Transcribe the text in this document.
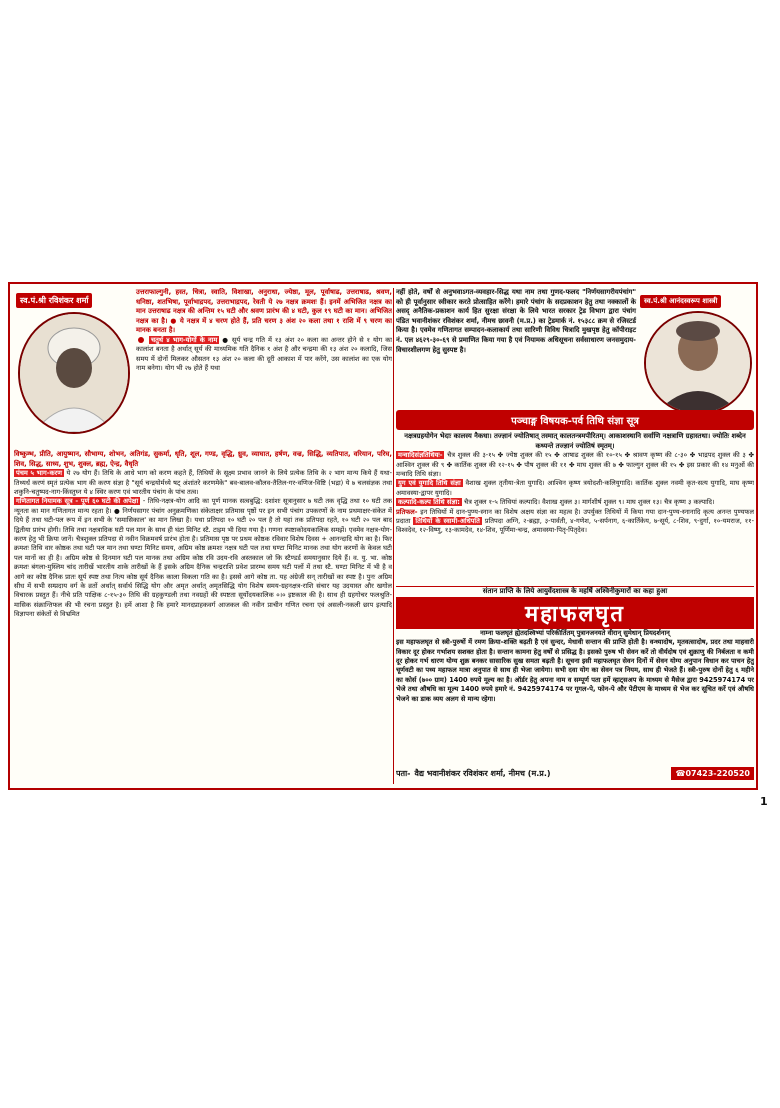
स्व.पं.श्री रविशंकर शर्मा

उत्तराफाल्गुनी, हस्त, चित्रा, स्वाति, विशाखा, अनुराधा, ज्येष्ठा, मूल, पूर्वाषाढ, उत्तराषाढ, श्रवण, धनिष्ठा, शतभिषा, पूर्वाभाद्रपद, उत्तराभाद्रपद, रेवती ये २७ नक्षत्र क्रमशः हैं। इनमें अभिजित नक्षत्र का मान उत्तराषाढ नक्षत्र की अन्तिम १५ घटी और श्रवण प्रारंभ की ४ घटी, कुल १९ घटी का मान। अभिजित नक्षत्र का है। ● ये नक्षत्र में ४ चरण होते हैं, प्रति चरण ३ अंश २० कला तथा १ राशि में ९ चरण का मानक बनता है।

चतुर्थ ४ भाग-योगों के नाम ● सूर्य चन्द्र गति में १३ अंश २० कला का अन्तर होने से १ योग का कालांश बनता है अर्थात् सूर्य की माध्यमिक गति दैनिक १ अंश है और चन्द्रमा की १३ अंश २० कलादि, जिस समय में दोनों मिलकर औसतन १३ अंश २० कला की दूरी आकाश में पार करेंगे, उस कालांश का एक योग नाम बनेगा। योग भी २७ होते हैं यथा

विष्कुम्भ, प्रीति, आयुष्मान, सौभाग्य, शोभन, अतिगंड, सुकर्मा, धृति, शूल, गण्ड, वृद्धि, ध्रुव, व्याघात, हर्षण, वज्र, सिद्धि, व्यतिपात, वरियान, परिघ, शिव, सिद्ध, साध्य, शुभ, शुक्ल, ब्रह्म, ऐन्द्र, वैधृति

पंचम ५ भाग-करण ये २७ योग हैं। तिथि के आधे भाग को करण कहते हैं, तिथियों के सूक्ष्म प्रभाव जानने के लिये प्रत्येक तिथि के २ भाग मान्य किये हैं यथा- तिथ्यर्धं करणं स्मृतं प्रत्येक भाग की करण संज्ञा है "सूर्य चन्द्रयोर्मध्ये षट् अंशांतरे करणमेके" बव-बालव-कौलव-तैतिल-गर-वणिज-विष्टि (भद्रा) ये ७ चलसंज्ञक तथा शकुनि-चतुष्पद-नाग-किंस्तुघ्न ये ४ स्थिर करण एवं भारतीय पंचांग के पांच तत्व।

गणितागत नियामक सूत्र - पूर्ण ६० घटी की अपेक्षा - तिथि-नक्षत्र-योग आदि का पूर्ण मानक सत्वबुद्धि: दशांशः सूत्रानुसार ७ घटी तक वृद्धि तथा १० घटी तक न्यूनता का मान गणितागत मान्य रहता है। ● निर्णयसागर पंचांग अनुक्रमणिका संकेताक्षर प्रतिमास पृष्ठों पर इन सभी पंचांग उपकरणों के नाम प्रथमाक्षर-संकेत में दिये हैं तथा घटी-पल रूप में इन सभी के 'समासिकाल' का मान लिखा है। यथा प्रतिपदा १० घटी २० पल है तो यहां तक प्रतिपदा रहते, १० घटी २० पल बाद द्वितीया प्रारंभ होगी। तिथि तथा नक्षत्रादिक घटी पल मान के साथ ही घंटा मिनिट स्टै. टाइम भी दिया गया है। गणना स्पष्टाकोदयकालिक समझें। एवमेव नक्षत्र-योग-करण हेतु भी क्रिया जानें। चैत्रशुक्ल प्रतिपदा से नवीन विक्रमवर्ष प्रारंभ होता है। प्रतिमास पृष्ठ पर प्रथम कोष्ठक रविवार विशेष दिवस + आनन्दादि योग का है। फिर क्रमशः तिथि वार कोष्ठक तथा घटी पल मान तथा घण्टा मिनिट समय, अग्रिम कोष्ठ क्रमशः नक्षत्र घटी पल तथा घण्टा मिनिट मानक तथा योग करणों के केवल घटी पल मानों का ही है। अग्रिम कोष्ठ से दिनमान घटी पल मानक तथा अग्रिम कोष्ठ रवि उदय-रवि अस्तकाल जो कि स्टैण्डर्ड समयानुसार दिये हैं। व. यु. भा. कोष्ठ क्रमशः बंगला-मुस्लिम चांद तारीखें भारतीय शाके तारीखों के हैं इसके अग्रिम दैनिक चन्द्रराशि प्रवेश प्रारम्भ समय घटी पलों में तथा स्टै. घण्टा मिनिट में भी है व आगे का कोष्ठ दैनिक प्रातः सूर्य स्पष्ट तथा नित्य कोष्ठ सूर्य दैनिक काला विकला गति का है। इससे आगे कोष्ठ ता. यह अंग्रेजी सन् तारीखों का स्पष्ट है। पुनः अग्रिम सीध में सभी सम्प्रदाय वर्ग के व्रतों अर्थात् सर्वार्थ सिद्धि योग और अमृत अर्थात् अमृतसिद्धि योग विशेष समय-ग्रहनक्षत्र-राशि संचार यह उदयास्त और खगोल विचारक प्रस्तुत हैं। नीचे प्रति पाक्षिक ८-१५-३० तिथि की ग्रहकुण्डली तथा नवग्रहों की स्पष्टता सूर्योदयकालिक ०।० इष्टकाल की है। साथ ही ग्रहगोचर फलश्रुति-मासिक संक्रान्तिफल की भी रचना प्रस्तुत है। हमें आशा है कि हमारे मानदप्राहकवर्ग आजकल की नवीन प्राचीन गणित रचना एवं असली-नकली छाप इत्यादि विज्ञापना संकेतों से विभ्रमित

नहीं होते, वर्षों से अनुभवाऽगत-व्यवहार-सिद्ध यथा नाम तथा गुणद-फलद "निर्णयसागरीयपंचांग" को ही पूर्वानुसार स्वीकार करते प्रोत्साहित करेंगे। हमारे पंचांग के सदप्रकाशन हेतु तथा नक्कालों के असद् अनैतिक-प्रकाशन कार्य हित सुरक्षा संरक्षा के लिये भारत सरकार ट्रेड विभाग द्वारा पंचांग पंडित भवानीशंकर रविशंकर शर्मा, नीमच छावनी (म.प्र.) का ट्रेडमार्क नं. १५३८८ क्रम से रजिस्टर्ड किया है। एवमेव गणितागत सम्पादन-कलाकार्य तथा सारिणी विविध चित्रादि मुखपृष्ठ हेतु कॉपीराइट नं. एल ४६२९-३०-६९ से प्रमाणित किया गया है एवं नियामक अधिसूचना सर्वसाधारण जनसमुदाय-विचारशीलगण हेतु सुस्पष्ट है।

स्व.पं.श्री आनंदस्वरूप शास्त्री
पञ्चाङ्ग विषयक-पर्व तिथि संज्ञा सूत्र

नक्षत्रग्रहयोगेन भेदाः कालस्य नैकधा। तज्ज्ञानं ज्योतिषात् तस्मात् कालतन्त्रमपीरितम्। आकाशस्थानि सर्वाणि नक्षत्राणि ग्रहास्तथा। ज्योतिः शब्देन कथ्यन्ते तज्ज्ञानं ज्योतिषं स्मृतम्।

मन्वादिसंज्ञतिथियः- चैत्र शुक्ल की ३-१५ ✤ ज्येष्ठ शुक्ल की १५ ✤ आषाढ शुक्ल की १०-१५ ✤ श्रावण कृष्ण की ८-३० ✤ भाद्रपद शुक्ल की ३ ✤ आश्विन शुक्ल की ९ ✤ कार्तिक शुक्ल की १२-१५ ✤ पौष शुक्ल की ११ ✤ माघ शुक्ल की ७ ✤ फाल्गुन शुक्ल की १५ ✤ इस प्रकार की १४ मनुओं की मन्वादि तिथि संज्ञा।

युग एवं युगादि तिथि संज्ञा वैशाख शुक्ल तृतीया-त्रेता युगादि। आश्विन कृष्ण त्रयोदशी-कलियुगादि। कार्तिक शुक्ल नवमी कृत-सत्य युगादि, माघ कृष्ण अमावस्या-द्वापर युगादि।

कल्पादि-कल्प तिथि संज्ञा: चैत्र शुक्ल १-५ तिथियां कल्पादि। वैशाख शुक्ल ३। मार्गशीर्ष शुक्ल ९। माघ शुक्ल १३। चैत्र कृष्ण ३ कल्पादि।

प्रतिफल- इन तिथियों में दान-पुण्य-स्नान का विशेष अक्षय संज्ञा का महत्व है। उपर्युक्त तिथियों में किया गया दान-पुण्य-स्नानादि कृत्य अनन्त पुण्यफल प्रदाता तिथियों के स्वामी-अधिपति प्रतिपदा अग्नि, २-ब्रह्मा, ३-पार्वती, ४-गणेश, ५-सर्पनाग, ६-कार्तिकेय, ७-सूर्य, ८-शिव, ९-दुर्गा, १०-यमराज, ११-विश्वदेव, १२-विष्णु, १३-कामदेव, १४-शिव, पूर्णिमा-चन्द्र, अमावस्या-पितृ-पितृदेव।

संतान प्राप्ति के लिये आयुर्वेदशास्त्र के महर्षि अश्विनीकुमारों का कहा हुआ

महाफलघृत

नाम्ना फलघृतं ह्येतदश्विभ्यां परिकीर्तितम् पुत्रानजनयते वीरान् सुमेधान् प्रियदर्शनान्

इस महाफलघृत से स्त्री-पुरुषों में रमण क्रिया-शक्ति बढ़ती है एवं सुन्दर, मेधावी सन्तान की प्राप्ति होती है। वन्ध्यादोष, मृतवत्सादोष, प्रदर तथा माहवारी विकार दूर होकर गर्भाशय सशक्त होता है। सन्तान कामना हेतु वर्षों से प्रसिद्ध है। इसको पुरुष भी सेवन करें तो वीर्यदोष एवं शुक्राणु की निर्बलता व कमी दूर होकर गर्भ धारण योग्य शुक्र बनकर सासारिक सुख समता बढ़ती है। सूचना इसी महाफलघृत सेवन दिनों में सेवन योग्य अनुपान विधान कर पाचन हेतु चूर्णवटी का पथ्य महाफल मात्रा अनुपात से साथ ही भेजा जायेगा। सभी दवा योग का सेवन पत्र नियम, साथ ही भेजते हैं। स्त्री-पुरुष दोनों हेतु ६ महीने का कोर्स (७०० ग्राम) 1400 रुपये मूल्य का है। ऑर्डर हेतु अपना नाम व सम्पूर्ण पता हमें व्हाट्सअप के माध्यम से मैसेज द्वारा 9425974174 पर भेजे तथा औषधि का मूल्य 1400 रुपये हमारे नं. 9425974174 पर गूगल-पे, फोन-पे और पेटीएम के माध्यम से भेज कर सूचित करें एवं औषधि भेजने का डाक व्यय अलग से मान्य रहेगा।

पता- वैद्य भवानीशंकर रविशंकर शर्मा, नीमच (म.प्र.)	☎07423-220520
1
